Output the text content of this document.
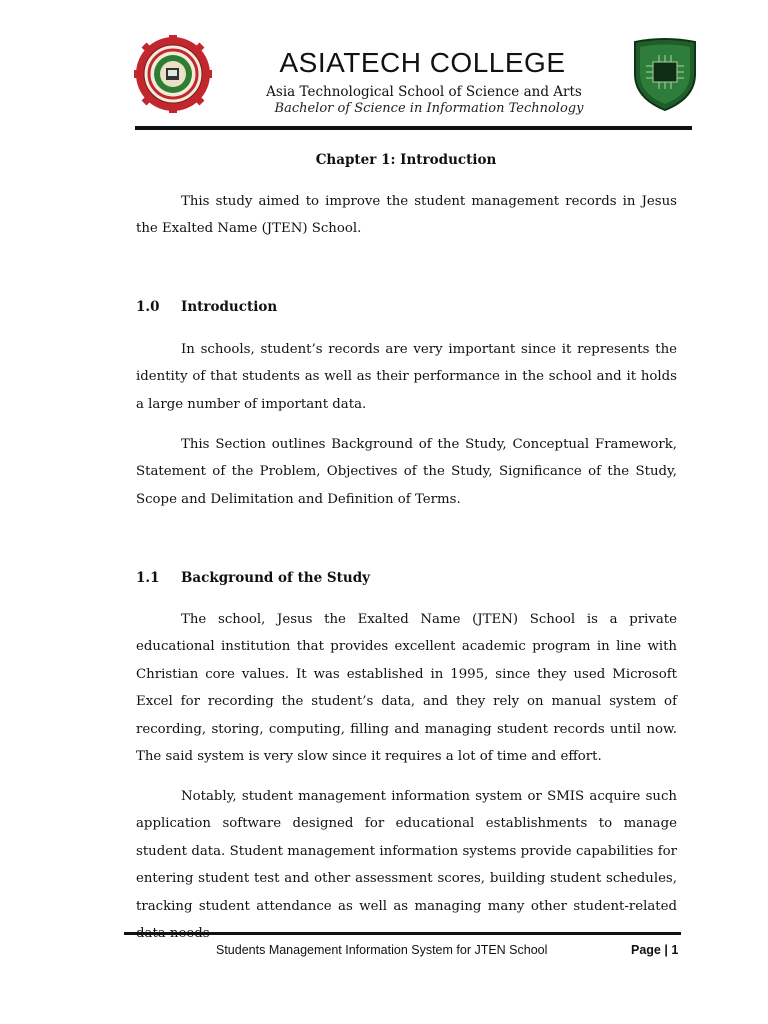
ASIATECH COLLEGE
Asia Technological School of Science and Arts
Bachelor of Science in Information Technology
Chapter 1: Introduction

This study aimed to improve the student management records in Jesus the Exalted Name (JTEN) School.

1.0 Introduction

In schools, student’s records are very important since it represents the identity of that students as well as their performance in the school and it holds a large number of important data.

This Section outlines Background of the Study, Conceptual Framework, Statement of the Problem, Objectives of the Study, Significance of the Study, Scope and Delimitation and Definition of Terms.

1.1 Background of the Study

The school, Jesus the Exalted Name (JTEN) School is a private educational institution that provides excellent academic program in line with Christian core values. It was established in 1995, since they used Microsoft Excel for recording the student’s data, and they rely on manual system of recording, storing, computing, filling and managing student records until now. The said system is very slow since it requires a lot of time and effort.

Notably, student management information system or SMIS acquire such application software designed for educational establishments to manage student data. Student management information systems provide capabilities for entering student test and other assessment scores, building student schedules, tracking student attendance as well as managing many other student-related

Students Management Information System for JTEN School	Page | 1
